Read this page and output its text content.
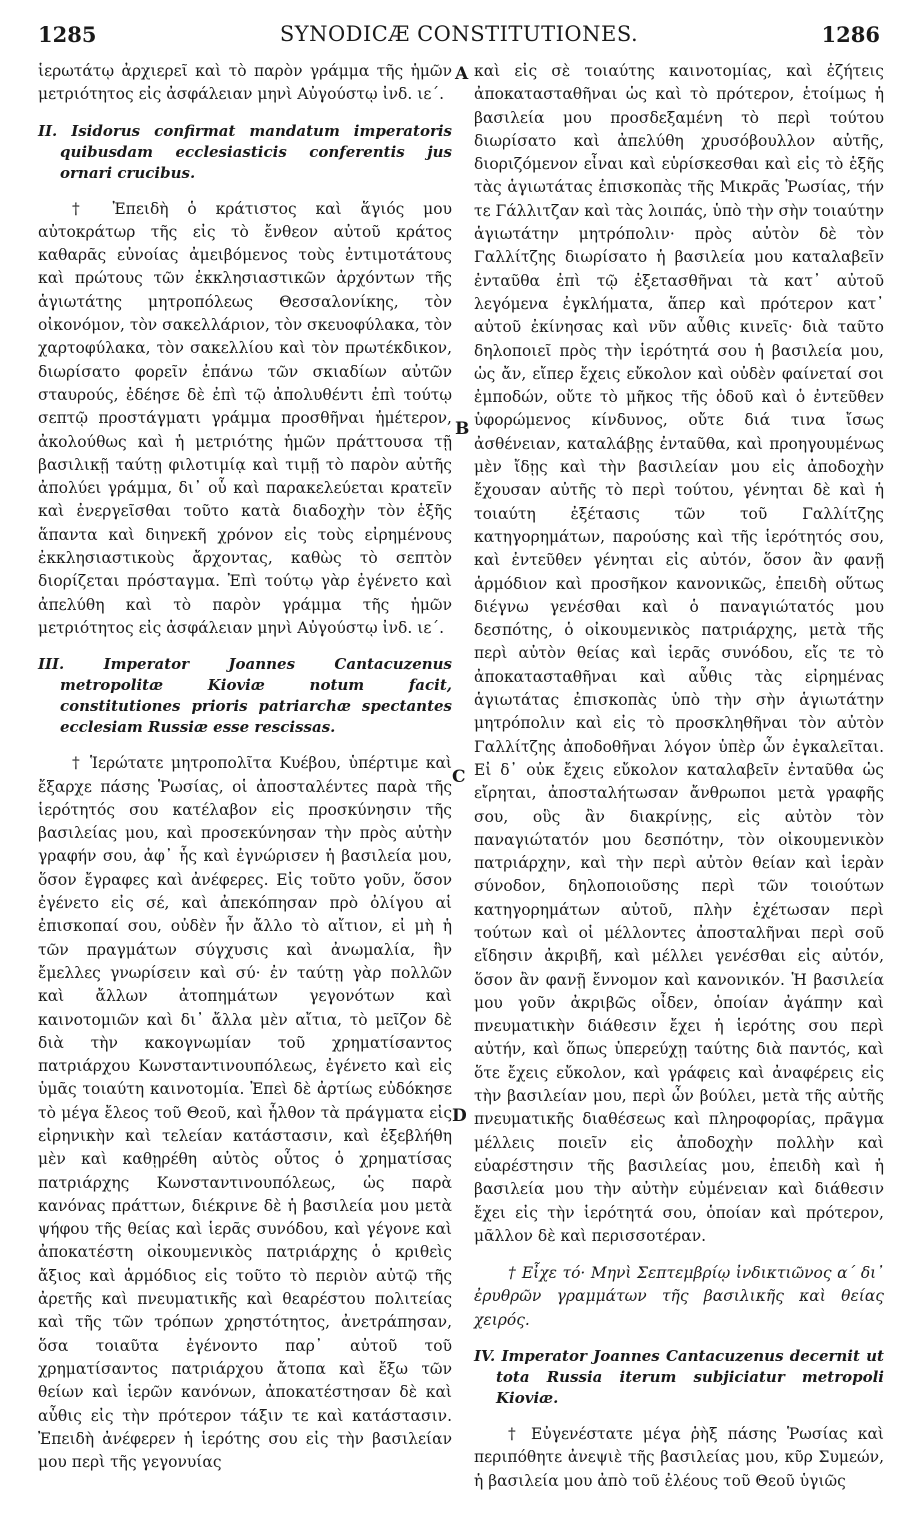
1285	SYNODICÆ CONSTITUTIONES.	1286
A
B
C
D

ἱερωτάτῳ ἀρχιερεῖ καὶ τὸ παρὸν γράμμα τῆς ἡμῶν μετριότητος εἰς ἀσφάλειαν μηνὶ Αὐγούστῳ ἰνδ. ιε΄.

II. Isidorus confirmat mandatum imperatoris quibusdam ecclesiasticis conferentis jus ornari crucibus.

† Ἐπειδὴ ὁ κράτιστος καὶ ἅγιός μου αὐτοκράτωρ τῆς εἰς τὸ ἔνθεον αὐτοῦ κράτος καθαρᾶς εὐνοίας ἀμειβόμενος τοὺς ἐντιμοτάτους καὶ πρώτους τῶν ἐκκλησιαστικῶν ἀρχόντων τῆς ἁγιωτάτης μητροπόλεως Θεσσαλονίκης, τὸν οἰκονόμον, τὸν σακελλάριον, τὸν σκευοφύλακα, τὸν χαρτοφύλακα, τὸν σακελλίου καὶ τὸν πρωτέκδικον, διωρίσατο φορεῖν ἐπάνω τῶν σκιαδίων αὐτῶν σταυρούς, ἐδέησε δὲ ἐπὶ τῷ ἀπολυθέντι ἐπὶ τούτῳ σεπτῷ προστάγματι γράμμα προσθῆναι ἡμέτερον, ἀκολούθως καὶ ἡ μετριότης ἡμῶν πράττουσα τῇ βασιλικῇ ταύτῃ φιλοτιμίᾳ καὶ τιμῇ τὸ παρὸν αὐτῆς ἀπολύει γράμμα, δι᾽ οὗ καὶ παρακελεύεται κρατεῖν καὶ ἐνεργεῖσθαι τοῦτο κατὰ διαδοχὴν τὸν ἑξῆς ἅπαντα καὶ διηνεκῆ χρόνον εἰς τοὺς εἰρημένους ἐκκλησιαστικοὺς ἄρχοντας, καθὼς τὸ σεπτὸν διορίζεται πρόσταγμα. Ἐπὶ τούτῳ γὰρ ἐγένετο καὶ ἀπελύθη καὶ τὸ παρὸν γράμμα τῆς ἡμῶν μετριότητος εἰς ἀσφάλειαν μηνὶ Αὐγούστῳ ἰνδ. ιε΄.

III. Imperator Joannes Cantacuzenus metropolitæ Kioviæ notum facit, constitutiones prioris patriarchæ spectantes ecclesiam Russiæ esse rescissas.

† Ἱερώτατε μητροπολῖτα Κυέβου, ὑπέρτιμε καὶ ἔξαρχε πάσης Ῥωσίας, οἱ ἀποσταλέντες παρὰ τῆς ἱερότητός σου κατέλαβον εἰς προσκύνησιν τῆς βασιλείας μου, καὶ προσεκύνησαν τὴν πρὸς αὐτὴν γραφήν σου, ἀφ᾽ ἧς καὶ ἐγνώρισεν ἡ βασιλεία μου, ὅσον ἔγραφες καὶ ἀνέφερες. Εἰς τοῦτο γοῦν, ὅσον ἐγένετο εἰς σέ, καὶ ἀπεκόπησαν πρὸ ὀλίγου αἱ ἐπισκοπαί σου, οὐδὲν ἦν ἄλλο τὸ αἴτιον, εἰ μὴ ἡ τῶν πραγμάτων σύγχυσις καὶ ἀνωμαλία, ἣν ἔμελλες γνωρίσειν καὶ σύ· ἐν ταύτῃ γὰρ πολλῶν καὶ ἄλλων ἀτοπημάτων γεγονότων καὶ καινοτομιῶν καὶ δι᾽ ἄλλα μὲν αἴτια, τὸ μεῖζον δὲ διὰ τὴν κακογνωμίαν τοῦ χρηματίσαντος πατριάρχου Κωνσταντινουπόλεως, ἐγένετο καὶ εἰς ὑμᾶς τοιαύτη καινοτομία. Ἐπεὶ δὲ ἀρτίως εὐδόκησε τὸ μέγα ἔλεος τοῦ Θεοῦ, καὶ ἦλθον τὰ πράγματα εἰς εἰρηνικὴν καὶ τελείαν κατάστασιν, καὶ ἐξεβλήθη μὲν καὶ καθῃρέθη αὐτὸς οὗτος ὁ χρηματίσας πατριάρχης Κωνσταντινουπόλεως, ὡς παρὰ κανόνας πράττων, διέκρινε δὲ ἡ βασιλεία μου μετὰ ψήφου τῆς θείας καὶ ἱερᾶς συνόδου, καὶ γέγονε καὶ ἀποκατέστη οἰκουμενικὸς πατριάρχης ὁ κριθεὶς ἄξιος καὶ ἁρμόδιος εἰς τοῦτο τὸ περιὸν αὐτῷ τῆς ἀρετῆς καὶ πνευματικῆς καὶ θεαρέστου πολιτείας καὶ τῆς τῶν τρόπων χρηστότητος, ἀνετράπησαν, ὅσα τοιαῦτα ἐγένοντο παρ᾽ αὐτοῦ τοῦ χρηματίσαντος πατριάρχου ἄτοπα καὶ ἔξω τῶν θείων καὶ ἱερῶν κανόνων, ἀποκατέστησαν δὲ καὶ αὖθις εἰς τὴν πρότερον τάξιν τε καὶ κατάστασιν. Ἐπειδὴ ἀνέφερεν ἡ ἱερότης σου εἰς τὴν βασιλείαν μου περὶ τῆς γεγονυίας

καὶ εἰς σὲ τοιαύτης καινοτομίας, καὶ ἐζήτεις ἀποκατασταθῆναι ὡς καὶ τὸ πρότερον, ἑτοίμως ἡ βασιλεία μου προσδεξαμένη τὸ περὶ τούτου διωρίσατο καὶ ἀπελύθη χρυσόβουλλον αὐτῆς, διοριζόμενον εἶναι καὶ εὑρίσκεσθαι καὶ εἰς τὸ ἑξῆς τὰς ἁγιωτάτας ἐπισκοπὰς τῆς Μικρᾶς Ῥωσίας, τήν τε Γάλλιτζαν καὶ τὰς λοιπάς, ὑπὸ τὴν σὴν τοιαύτην ἁγιωτάτην μητρόπολιν· πρὸς αὐτὸν δὲ τὸν Γαλλίτζης διωρίσατο ἡ βασιλεία μου καταλαβεῖν ἐνταῦθα ἐπὶ τῷ ἐξετασθῆναι τὰ κατ᾽ αὐτοῦ λεγόμενα ἐγκλήματα, ἅπερ καὶ πρότερον κατ᾽ αὐτοῦ ἐκίνησας καὶ νῦν αὖθις κινεῖς· διὰ ταῦτο δηλοποιεῖ πρὸς τὴν ἱερότητά σου ἡ βασιλεία μου, ὡς ἄν, εἴπερ ἔχεις εὔκολον καὶ οὐδὲν φαίνεταί σοι ἐμποδών, οὔτε τὸ μῆκος τῆς ὁδοῦ καὶ ὁ ἐντεῦθεν ὑφορώμενος κίνδυνος, οὔτε διά τινα ἴσως ἀσθένειαν, καταλάβῃς ἐνταῦθα, καὶ προηγουμένως μὲν ἴδῃς καὶ τὴν βασιλείαν μου εἰς ἀποδοχὴν ἔχουσαν αὐτῆς τὸ περὶ τούτου, γένηται δὲ καὶ ἡ τοιαύτη ἐξέτασις τῶν τοῦ Γαλλίτζης κατηγορημάτων, παρούσης καὶ τῆς ἱερότητός σου, καὶ ἐντεῦθεν γένηται εἰς αὐτόν, ὅσον ἂν φανῇ ἁρμόδιον καὶ προσῆκον κανονικῶς, ἐπειδὴ οὕτως διέγνω γενέσθαι καὶ ὁ παναγιώτατός μου δεσπότης, ὁ οἰκουμενικὸς πατριάρχης, μετὰ τῆς περὶ αὐτὸν θείας καὶ ἱερᾶς συνόδου, εἴς τε τὸ ἀποκατασταθῆναι καὶ αὖθις τὰς εἰρημένας ἁγιωτάτας ἐπισκοπὰς ὑπὸ τὴν σὴν ἁγιωτάτην μητρόπολιν καὶ εἰς τὸ προσκληθῆναι τὸν αὐτὸν Γαλλίτζης ἀποδοθῆναι λόγον ὑπὲρ ὧν ἐγκαλεῖται. Εἰ δ᾽ οὐκ ἔχεις εὔκολον καταλαβεῖν ἐνταῦθα ὡς εἴρηται, ἀποσταλήτωσαν ἄνθρωποι μετὰ γραφῆς σου, οὓς ἂν διακρίνῃς, εἰς αὐτὸν τὸν παναγιώτατόν μου δεσπότην, τὸν οἰκουμενικὸν πατριάρχην, καὶ τὴν περὶ αὐτὸν θείαν καὶ ἱερὰν σύνοδον, δηλοποιοῦσης περὶ τῶν τοιούτων κατηγορημάτων αὐτοῦ, πλὴν ἐχέτωσαν περὶ τούτων καὶ οἱ μέλλοντες ἀποσταλῆναι περὶ σοῦ εἴδησιν ἀκριβῆ, καὶ μέλλει γενέσθαι εἰς αὐτόν, ὅσον ἂν φανῇ ἔννομον καὶ κανονικόν. Ἡ βασιλεία μου γοῦν ἀκριβῶς οἶδεν, ὁποίαν ἀγάπην καὶ πνευματικὴν διάθεσιν ἔχει ἡ ἱερότης σου περὶ αὐτήν, καὶ ὅπως ὑπερεύχῃ ταύτης διὰ παντός, καὶ ὅτε ἔχεις εὔκολον, καὶ γράφεις καὶ ἀναφέρεις εἰς τὴν βασιλείαν μου, περὶ ὧν βούλει, μετὰ τῆς αὐτῆς πνευματικῆς διαθέσεως καὶ πληροφορίας, πρᾶγμα μέλλεις ποιεῖν εἰς ἀποδοχὴν πολλὴν καὶ εὐαρέστησιν τῆς βασιλείας μου, ἐπειδὴ καὶ ἡ βασιλεία μου τὴν αὐτὴν εὐμένειαν καὶ διάθεσιν ἔχει εἰς τὴν ἱερότητά σου, ὁποίαν καὶ πρότερον, μᾶλλον δὲ καὶ περισσοτέραν.

† Εἶχε τό· Μηνὶ Σεπτεμβρίῳ ἰνδικτιῶνος α΄ δι᾽ ἐρυθρῶν γραμμάτων τῆς βασιλικῆς καὶ θείας χειρός.

IV. Imperator Joannes Cantacuzenus decernit ut tota Russia iterum subjiciatur metropoli Kioviæ.

† Εὐγενέστατε μέγα ῥὴξ πάσης Ῥωσίας καὶ περιπόθητε ἀνεψιὲ τῆς βασιλείας μου, κῦρ Συμεών, ἡ βασιλεία μου ἀπὸ τοῦ ἐλέους τοῦ Θεοῦ ὑγιῶς
